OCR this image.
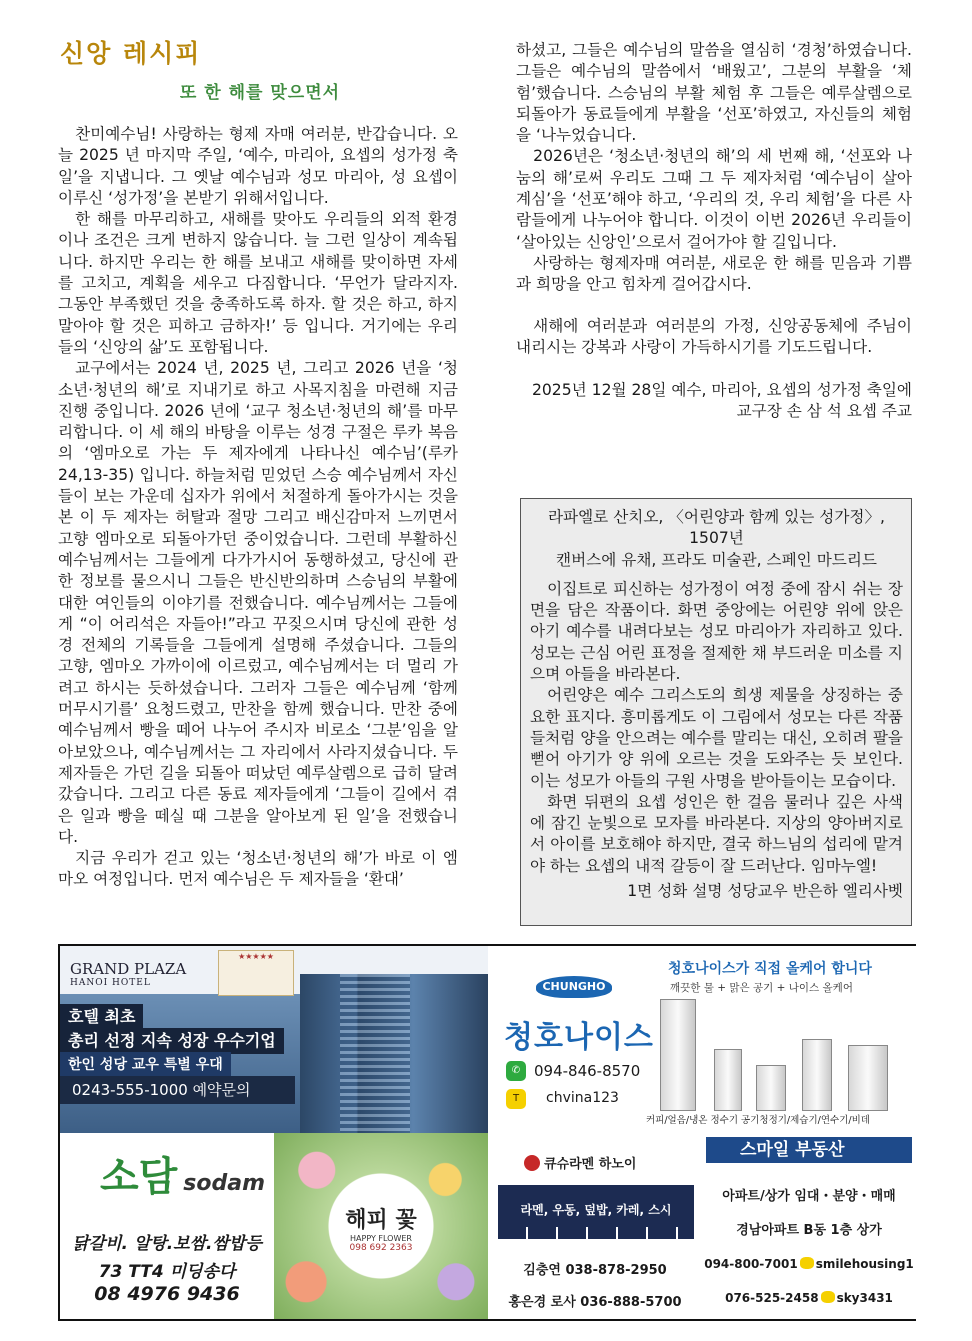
신앙 레시피
또 한 해를 맞으면서

찬미예수님! 사랑하는 형제 자매 여러분, 반갑습니다. 오늘 2025 년 마지막 주일, ‘예수, 마리아, 요셉의 성가정 축일’을 지냅니다. 그 옛날 예수님과 성모 마리아, 성 요셉이 이루신 ‘성가정’을 본받기 위해서입니다.

한 해를 마무리하고, 새해를 맞아도 우리들의 외적 환경이나 조건은 크게 변하지 않습니다. 늘 그런 일상이 계속됩니다. 하지만 우리는 한 해를 보내고 새해를 맞이하면 자세를 고치고, 계획을 세우고 다짐합니다. ‘무언가 달라지자. 그동안 부족했던 것을 충족하도록 하자. 할 것은 하고, 하지 말아야 할 것은 피하고 금하자!’ 등 입니다. 거기에는 우리들의 ‘신앙의 삶’도 포함됩니다.

교구에서는 2024 년, 2025 년, 그리고 2026 년을 ‘청소년·청년의 해’로 지내기로 하고 사목지침을 마련해 지금 진행 중입니다. 2026 년에 ‘교구 청소년·청년의 해’를 마무리합니다. 이 세 해의 바탕을 이루는 성경 구절은 루카 복음의 ‘엠마오로 가는 두 제자에게 나타나신 예수님’(루카 24,13-35) 입니다. 하늘처럼 믿었던 스승 예수님께서 자신들이 보는 가운데 십자가 위에서 처절하게 돌아가시는 것을 본 이 두 제자는 허탈과 절망 그리고 배신감마저 느끼면서 고향 엠마오로 되돌아가던 중이었습니다. 그런데 부활하신 예수님께서는 그들에게 다가가시어 동행하셨고, 당신에 관한 정보를 물으시니 그들은 반신반의하며 스승님의 부활에 대한 여인들의 이야기를 전했습니다. 예수님께서는 그들에게 “이 어리석은 자들아!”라고 꾸짖으시며 당신에 관한 성경 전체의 기록들을 그들에게 설명해 주셨습니다. 그들의 고향, 엠마오 가까이에 이르렀고, 예수님께서는 더 멀리 가려고 하시는 듯하셨습니다. 그러자 그들은 예수님께 ‘함께 머무시기를’ 요청드렸고, 만찬을 함께 했습니다. 만찬 중에 예수님께서 빵을 떼어 나누어 주시자 비로소 ‘그분’임을 알아보았으나, 예수님께서는 그 자리에서 사라지셨습니다. 두 제자들은 가던 길을 되돌아 떠났던 예루살렘으로 급히 달려갔습니다. 그리고 다른 동료 제자들에게 ‘그들이 길에서 겪은 일과 빵을 떼실 때 그분을 알아보게 된 일’을 전했습니다.

지금 우리가 걷고 있는 ‘청소년·청년의 해’가 바로 이 엠마오 여정입니다. 먼저 예수님은 두 제자들을 ‘환대’

하셨고, 그들은 예수님의 말씀을 열심히 ‘경청’하였습니다. 그들은 예수님의 말씀에서 ‘배웠고’, 그분의 부활을 ‘체험’했습니다. 스승님의 부활 체험 후 그들은 예루살렘으로 되돌아가 동료들에게 부활을 ‘선포’하였고, 자신들의 체험을 ‘나누었습니다.

2026년은 ‘청소년·청년의 해’의 세 번째 해, ‘선포와 나눔의 해’로써 우리도 그때 그 두 제자처럼 ‘예수님이 살아계심’을 ‘선포’해야 하고, ‘우리의 것, 우리 체험’을 다른 사람들에게 나누어야 합니다. 이것이 이번 2026년 우리들이 ‘살아있는 신앙인’으로서 걸어가야 할 길입니다.

사랑하는 형제자매 여러분, 새로운 한 해를 믿음과 기쁨과 희망을 안고 힘차게 걸어갑시다.

새해에 여러분과 여러분의 가정, 신앙공동체에 주님이 내리시는 강복과 사랑이 가득하시기를 기도드립니다.

2025년 12월 28일 예수, 마리아, 요셉의 성가정 축일에
교구장 손 삼 석 요셉 주교
라파엘로 산치오, 〈어린양과 함께 있는 성가정〉, 1507년
캔버스에 유채, 프라도 미술관, 스페인 마드리드

이집트로 피신하는 성가정이 여정 중에 잠시 쉬는 장면을 담은 작품이다. 화면 중앙에는 어린양 위에 앉은 아기 예수를 내려다보는 성모 마리아가 자리하고 있다. 성모는 근심 어린 표정을 절제한 채 부드러운 미소를 지으며 아들을 바라본다.

어린양은 예수 그리스도의 희생 제물을 상징하는 중요한 표지다. 흥미롭게도 이 그림에서 성모는 다른 작품들처럼 양을 안으려는 예수를 말리는 대신, 오히려 팔을 뻗어 아기가 양 위에 오르는 것을 도와주는 듯 보인다. 이는 성모가 아들의 구원 사명을 받아들이는 모습이다.

화면 뒤편의 요셉 성인은 한 걸음 물러나 깊은 사색에 잠긴 눈빛으로 모자를 바라본다. 지상의 양아버지로서 아이를 보호해야 하지만, 결국 하느님의 섭리에 맡겨야 하는 요셉의 내적 갈등이 잘 드러난다. 임마누엘!

1면 성화 설명 성당교우 반은하 엘리사벳
GRAND PLAZA
HANOI HOTEL
★★★★★
호텔 최초
총리 선정 지속 성장 우수기업
한인 성당 교우 특별 우대
0243-555-1000 예약문의
CHUNGHO
청호나이스가 직접 올케어 합니다
깨끗한 물 + 맑은 공기 + 나이스 올케어
청호나이스
✆ 094-846-8570
T	chvina123
커피/얼음/냉온 정수기 공기청정기/제습기/연수기/비데
소담 sodam
닭갈비. 알탕.보쌈.쌈밥등
73 TT4 미딩송다
08 4976 9436
해피 꽃
HAPPY FLOWER
098 692 2363
큐슈라멘 하노이
라멘, 우동, 덮밥, 카레, 스시
김충연 038-878-2950
홍은경 로사 036-888-5700
스마일 부동산
아파트/상가 임대・분양・매매
경남아파트 B동 1층 상가
094-800-7001 smilehousing1
076-525-2458 sky3431
